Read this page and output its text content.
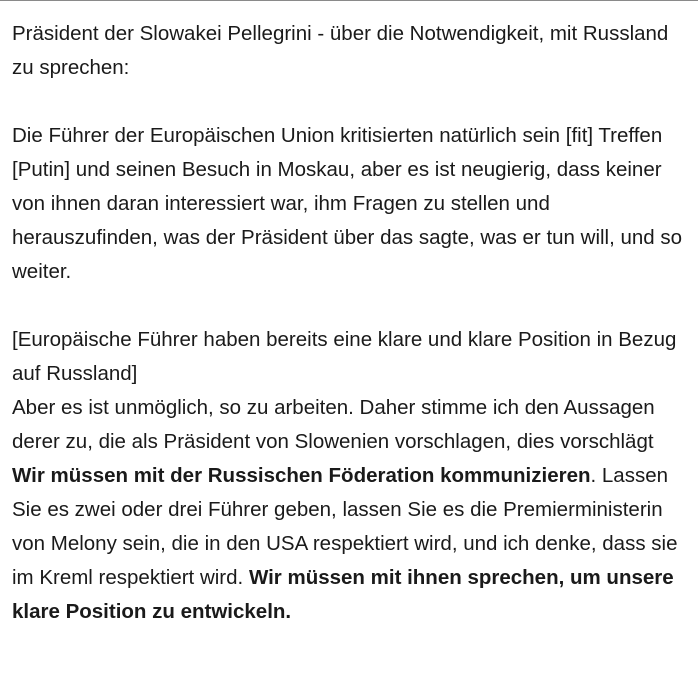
Präsident der Slowakei Pellegrini - über die Notwendigkeit, mit Russland zu sprechen:

Die Führer der Europäischen Union kritisierten natürlich sein [fit] Treffen [Putin] und seinen Besuch in Moskau, aber es ist neugierig, dass keiner von ihnen daran interessiert war, ihm Fragen zu stellen und herauszufinden, was der Präsident über das sagte, was er tun will, und so weiter.

[Europäische Führer haben bereits eine klare und klare Position in Bezug auf Russland]

Aber es ist unmöglich, so zu arbeiten. Daher stimme ich den Aussagen derer zu, die als Präsident von Slowenien vorschlagen, dies vorschlägt Wir müssen mit der Russischen Föderation kommunizieren. Lassen Sie es zwei oder drei Führer geben, lassen Sie es die Premierministerin von Melony sein, die in den USA respektiert wird, und ich denke, dass sie im Kreml respektiert wird. Wir müssen mit ihnen sprechen, um unsere klare Position zu entwickeln.
